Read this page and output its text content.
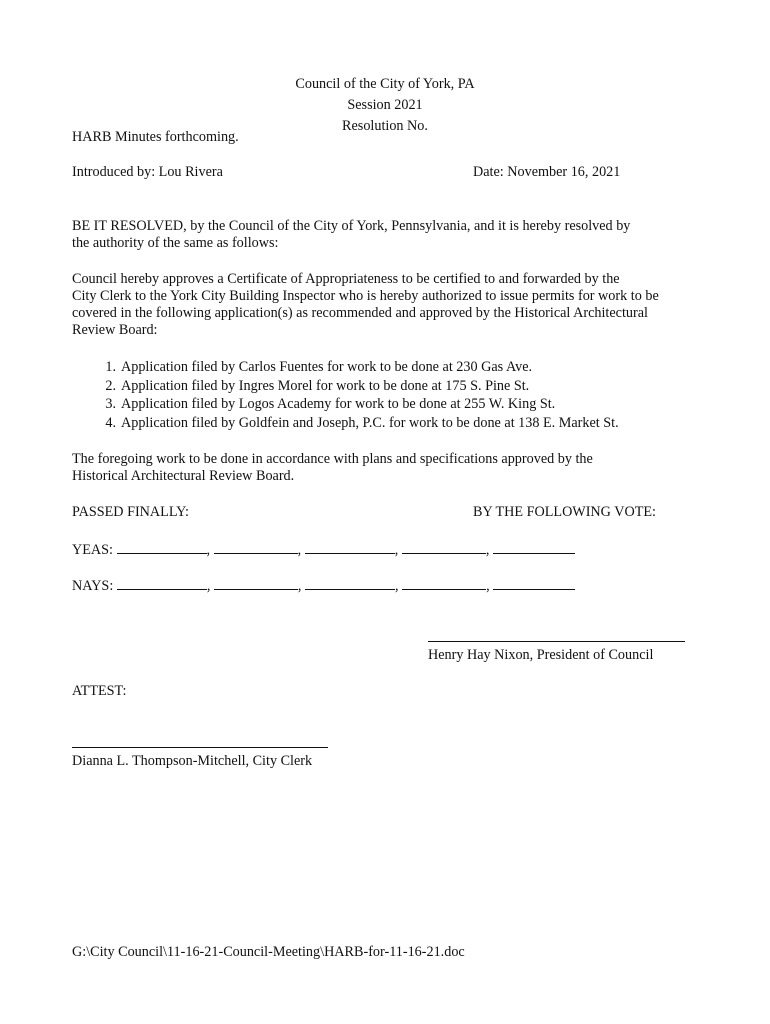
Council of the City of York, PA
Session 2021
Resolution No.
HARB Minutes forthcoming.
Introduced by: Lou Rivera	Date: November 16, 2021
BE IT RESOLVED, by the Council of the City of York, Pennsylvania, and it is hereby resolved by
the authority of the same as follows:
Council hereby approves a Certificate of Appropriateness to be certified to and forwarded by the
City Clerk to the York City Building Inspector who is hereby authorized to issue permits for work to be
covered in the following application(s) as recommended and approved by the Historical Architectural
Review Board:
1. Application filed by Carlos Fuentes for work to be done at 230 Gas Ave.
2. Application filed by Ingres Morel for work to be done at 175 S. Pine St.
3. Application filed by Logos Academy for work to be done at 255 W. King St.
4. Application filed by Goldfein and Joseph, P.C. for work to be done at 138 E. Market St.
The foregoing work to be done in accordance with plans and specifications approved by the
Historical Architectural Review Board.
PASSED FINALLY:	BY THE FOLLOWING VOTE:
YEAS:	,	,	,	,
NAYS:	,	,	,	,
Henry Hay Nixon, President of Council
ATTEST:
Dianna L. Thompson-Mitchell, City Clerk
G:\City Council\11-16-21-Council-Meeting\HARB-for-11-16-21.doc
